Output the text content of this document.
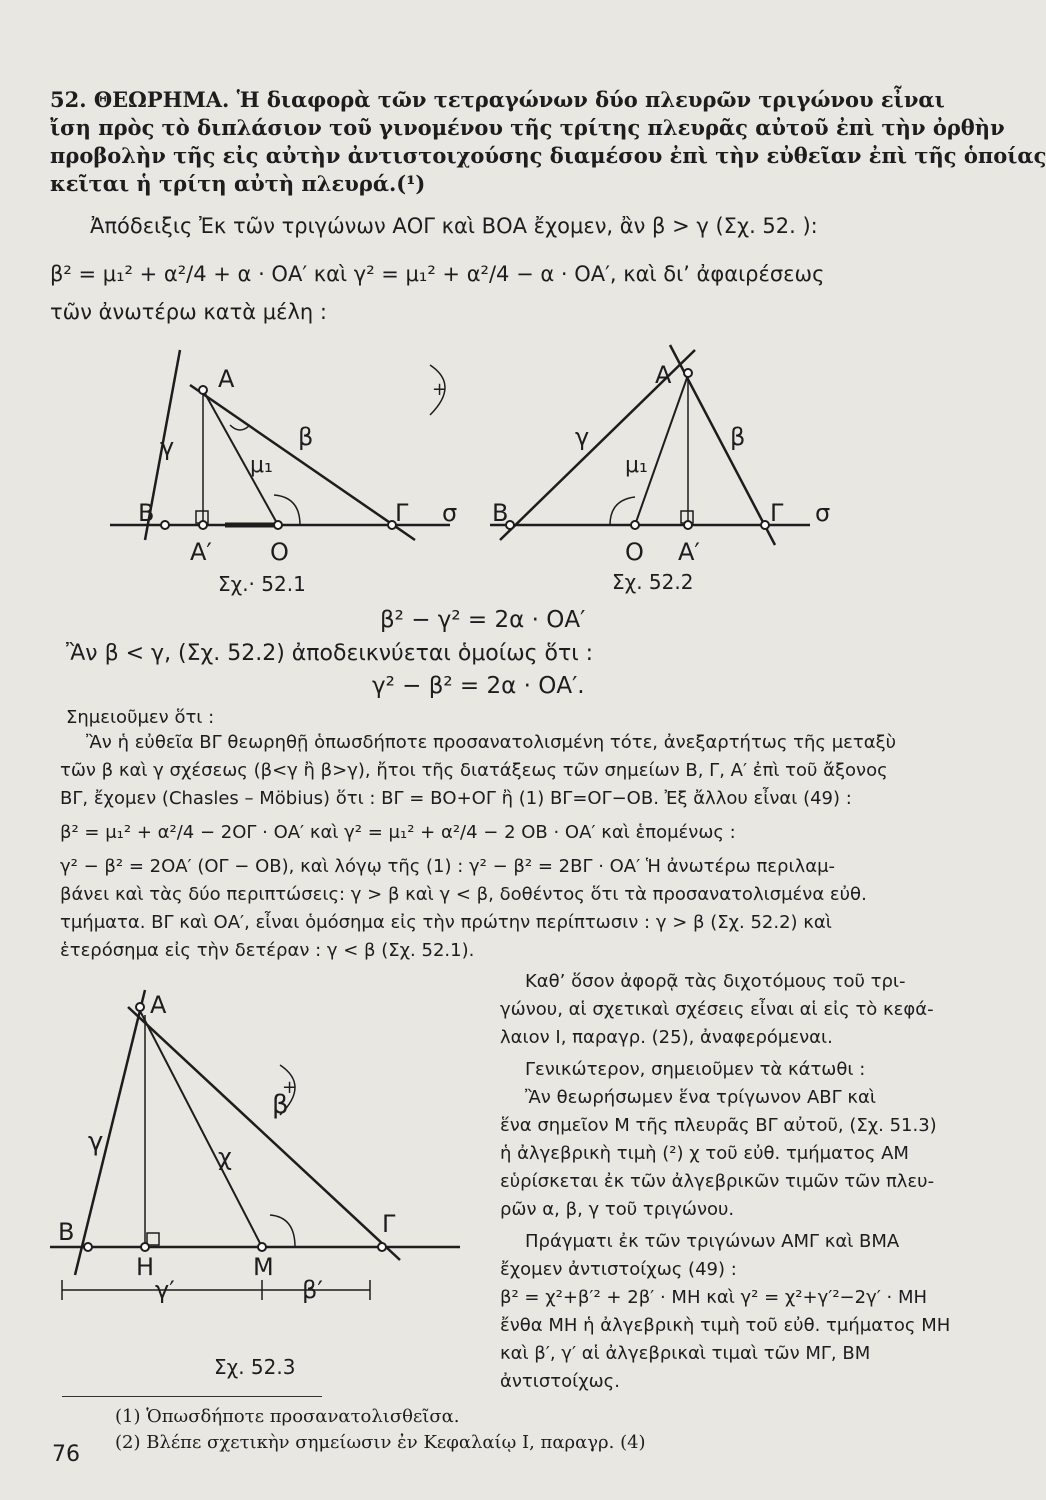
52. ΘΕΩΡΗΜΑ. Ἡ διαφορὰ τῶν τετραγώνων δύο πλευρῶν τριγώνου εἶναι
ἴση πρὸς τὸ διπλάσιον τοῦ γινομένου τῆς τρίτης πλευρᾶς αὐτοῦ ἐπὶ τὴν ὀρθὴν
προβολὴν τῆς εἰς αὐτὴν ἀντιστοιχούσης διαμέσου ἐπὶ τὴν εὐθεῖαν ἐπὶ τῆς ὁποίας
κεῖται ἡ τρίτη αὐτὴ πλευρά.(¹)
Ἀπόδειξις Ἐκ τῶν τριγώνων ΑΟΓ καὶ ΒΟΑ ἔχομεν, ἂν β > γ (Σχ. 52. ):
β² = μ₁² + α²/4 + α · ΟΑ′ καὶ γ² = μ₁² + α²/4 − α · ΟΑ′, καὶ δι’ ἀφαιρέσεως
τῶν ἀνωτέρω κατὰ μέλη :
Α
Β	Γ
Ο
Α′
γ	β
μ₁
σ
+
Σχ.· 52.1
Α
Β	Γ
Ο Α′
γ	β
μ₁
σ
Σχ. 52.2
β² − γ² = 2α · ΟΑ′
Ἂν β < γ, (Σχ. 52.2) ἀποδεικνύεται ὁμοίως ὅτι :
γ² − β² = 2α · ΟΑ′.
Σημειοῦμεν ὅτι :
Ἂν ἡ εὐθεῖα ΒΓ θεωρηθῇ ὁπωσδήποτε προσανατολισμένη τότε, ἀνεξαρτήτως τῆς μεταξὺ
τῶν β καὶ γ σχέσεως (β<γ ἢ β>γ), ἤτοι τῆς διατάξεως τῶν σημείων Β, Γ, Α′ ἐπὶ τοῦ ἄξονος
ΒΓ, ἔχομεν (Chasles – Möbius) ὅτι : ΒΓ = ΒΟ+ΟΓ ἢ (1) ΒΓ=ΟΓ−ΟΒ. Ἐξ ἄλλου εἶναι (49) :
β² = μ₁² + α²/4 − 2ΟΓ · ΟΑ′ καὶ γ² = μ₁² + α²/4 − 2 ΟΒ · ΟΑ′ καὶ ἑπομένως :
γ² − β² = 2ΟΑ′ (ΟΓ − ΟΒ), καὶ λόγῳ τῆς (1) : γ² − β² = 2ΒΓ · ΟΑ′ Ἡ ἀνωτέρω περιλαμ-
βάνει καὶ τὰς δύο περιπτώσεις: γ > β καὶ γ < β, δοθέντος ὅτι τὰ προσανατολισμένα εὐθ.
τμήματα. ΒΓ καὶ ΟΑ′, εἶναι ὁμόσημα εἰς τὴν πρώτην περίπτωσιν : γ > β (Σχ. 52.2) καὶ
ἑτερόσημα εἰς τὴν δετέραν : γ < β (Σχ. 52.1).
Α
Β	Γ
Η	Μ
γ
β
χ
+
γ′	β′
Σχ. 52.3
Καθ’ ὅσον ἀφορᾷ τὰς διχοτόμους τοῦ τρι-
γώνου, αἱ σχετικαὶ σχέσεις εἶναι αἱ εἰς τὸ κεφά-
λαιον Ι, παραγρ. (25), ἀναφερόμεναι.
Γενικώτερον, σημειοῦμεν τὰ κάτωθι :
Ἂν θεωρήσωμεν ἕνα τρίγωνον ΑΒΓ καὶ
ἕνα σημεῖον Μ τῆς πλευρᾶς ΒΓ αὐτοῦ, (Σχ. 51.3)
ἡ ἀλγεβρικὴ τιμὴ (²) χ τοῦ εὐθ. τμήματος ΑΜ
εὑρίσκεται ἐκ τῶν ἀλγεβρικῶν τιμῶν τῶν πλευ-
ρῶν α, β, γ τοῦ τριγώνου.
Πράγματι ἐκ τῶν τριγώνων ΑΜΓ καὶ ΒΜΑ
ἔχομεν ἀντιστοίχως (49) :
β² = χ²+β′² + 2β′ · ΜΗ καὶ γ² = χ²+γ′²−2γ′ · ΜΗ
ἔνθα ΜΗ ἡ ἀλγεβρικὴ τιμὴ τοῦ εὐθ. τμήματος ΜΗ
καὶ β′, γ′ αἱ ἀλγεβρικαὶ τιμαὶ τῶν ΜΓ, ΒΜ
ἀντιστοίχως.
(1) Ὁπωσδήποτε προσανατολισθεῖσα.
(2) Βλέπε σχετικὴν σημείωσιν ἐν Κεφαλαίῳ Ι, παραγρ. (4)
76
